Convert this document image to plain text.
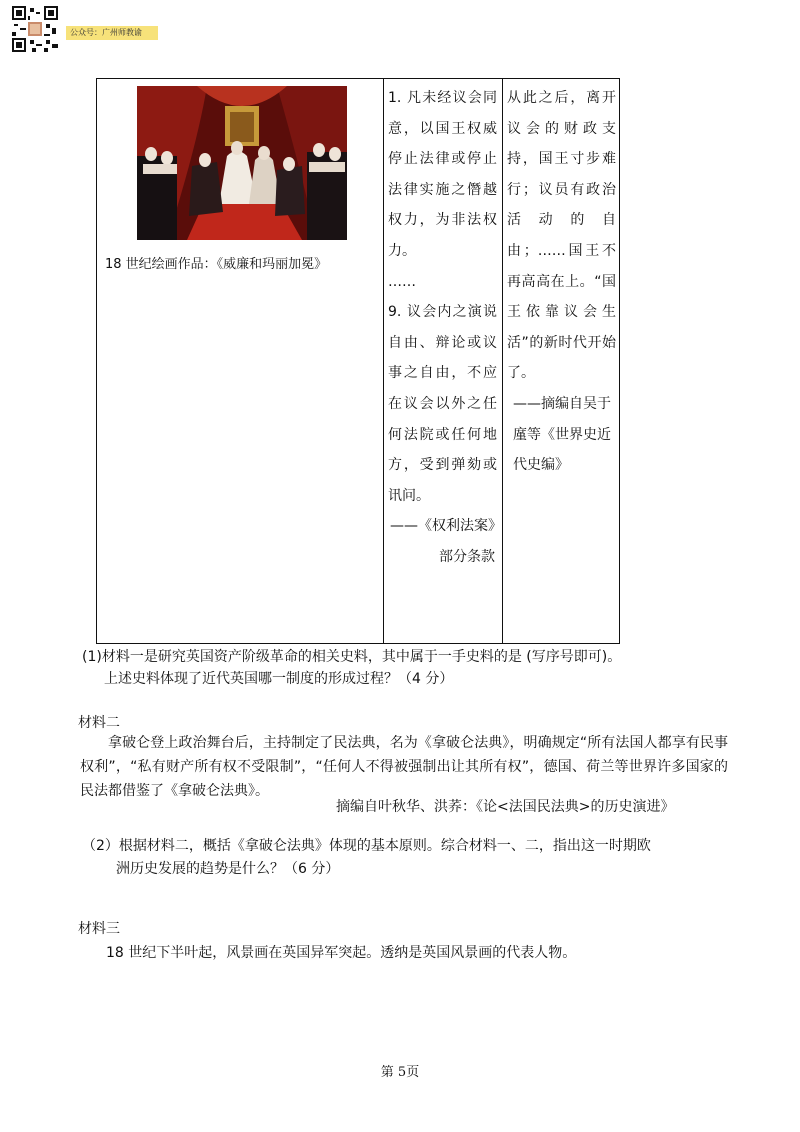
公众号：广州师教谕
18 世纪绘画作品：《威廉和玛丽加冕》

1. 凡未经议会同意，以国王权威停止法律或停止法律实施之僭越权力，为非法权力。

……

9. 议会内之演说自由、辩论或议事之自由，不应在议会以外之任何法院或任何地方，受到弹劾或讯问。

——《权利法案》部分条款

从此之后，离开议会的财政支持，国王寸步难行；议员有政治活动的自由；……国王不再高高在上。“国王依靠议会生活”的新时代开始了。

——摘编自吴于廑等《世界史近代史编》

(1)材料一是研究英国资产阶级革命的相关史料，其中属于一手史料的是 (写序号即可)。
上述史料体现了近代英国哪一制度的形成过程？（4 分）
材料二
拿破仑登上政治舞台后，主持制定了民法典，名为《拿破仑法典》，明确规定“所有法国人都享有民事权利”，“私有财产所有权不受限制”，“任何人不得被强制出让其所有权”，德国、荷兰等世界许多国家的民法都借鉴了《拿破仑法典》。
摘编自叶秋华、洪荞：《论<法国民法典>的历史演进》
（2）根据材料二，概括《拿破仑法典》体现的基本原则。综合材料一、二，指出这一时期欧
洲历史发展的趋势是什么？（6 分）
材料三
18 世纪下半叶起，风景画在英国异军突起。透纳是英国风景画的代表人物。
第 5页
